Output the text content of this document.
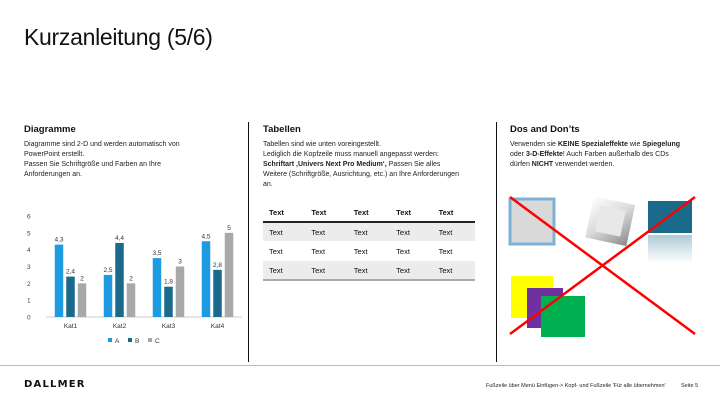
Kurzanleitung (5/6)
Diagramme
Diagramme sind 2-D und werden automatisch von
PowerPoint erstellt.
Passen Sie Schriftgröße und Farben an Ihre
Anforderungen an.
0
1
2
3
4
5
6
4,3
2,4
2
Kat1
2,5
4,4
2
Kat2
3,5
1,8
3
Kat3
4,5
2,8
5
Kat4
A B C
Tabellen
Tabellen sind wie unten voreingestellt.
Lediglich die Kopfzeile muss manuell angepasst werden:
Schriftart ‚Univers Next Pro Medium‘, Passen Sie alles
Weitere (Schriftgröße, Ausrichtung, etc.) an Ihre Anforderungen
an.
Text	Text	Text	Text	Text
Text	Text	Text	Text	Text
Text	Text	Text	Text	Text
Text	Text	Text	Text	Text
Dos and Don’ts
Verwenden sie KEINE Spezialeffekte wie Spiegelung
oder 3-D-Effekte! Auch Farben außerhalb des CDs
dürfen NICHT verwendet werden.
DALLMER	Fußzeile über Menü Einfügen-> Kopf- und Fußzeile 'Für alle übernehmen'	Seite 5
